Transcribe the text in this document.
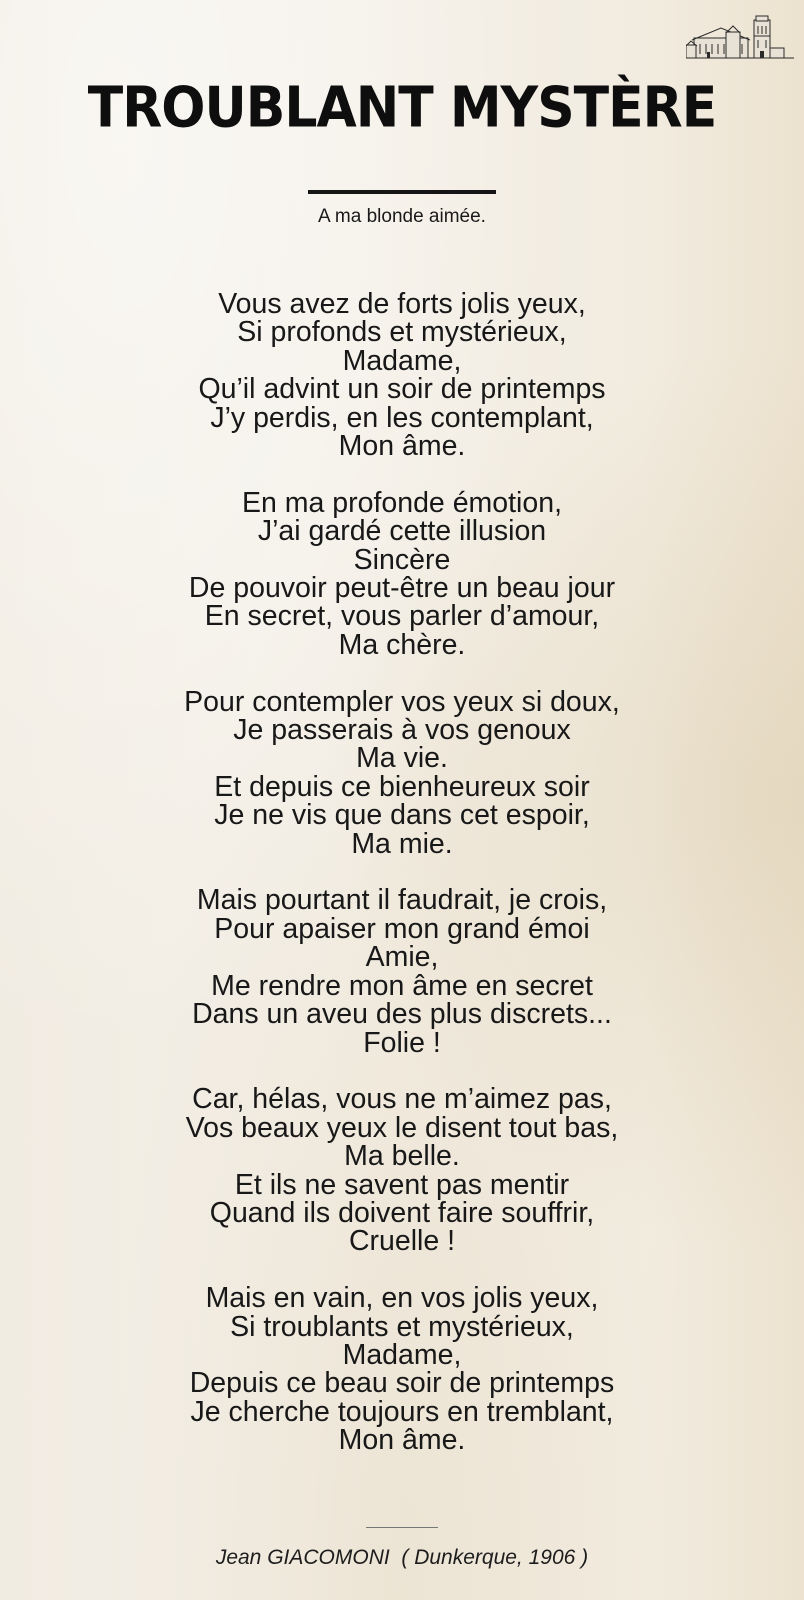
TROUBLANT MYSTÈRE
A ma blonde aimée.
Vous avez de forts jolis yeux,
Si profonds et mystérieux,
Madame,
Qu’il advint un soir de printemps
J’y perdis, en les contemplant,
Mon âme.
En ma profonde émotion,
J’ai gardé cette illusion
Sincère
De pouvoir peut-être un beau jour
En secret, vous parler d’amour,
Ma chère.
Pour contempler vos yeux si doux,
Je passerais à vos genoux
Ma vie.
Et depuis ce bienheureux soir
Je ne vis que dans cet espoir,
Ma mie.
Mais pourtant il faudrait, je crois,
Pour apaiser mon grand émoi
Amie,
Me rendre mon âme en secret
Dans un aveu des plus discrets...
Folie !
Car, hélas, vous ne m’aimez pas,
Vos beaux yeux le disent tout bas,
Ma belle.
Et ils ne savent pas mentir
Quand ils doivent faire souffrir,
Cruelle !
Mais en vain, en vos jolis yeux,
Si troublants et mystérieux,
Madame,
Depuis ce beau soir de printemps
Je cherche toujours en tremblant,
Mon âme.
Jean GIACOMONI  ( Dunkerque, 1906 )
